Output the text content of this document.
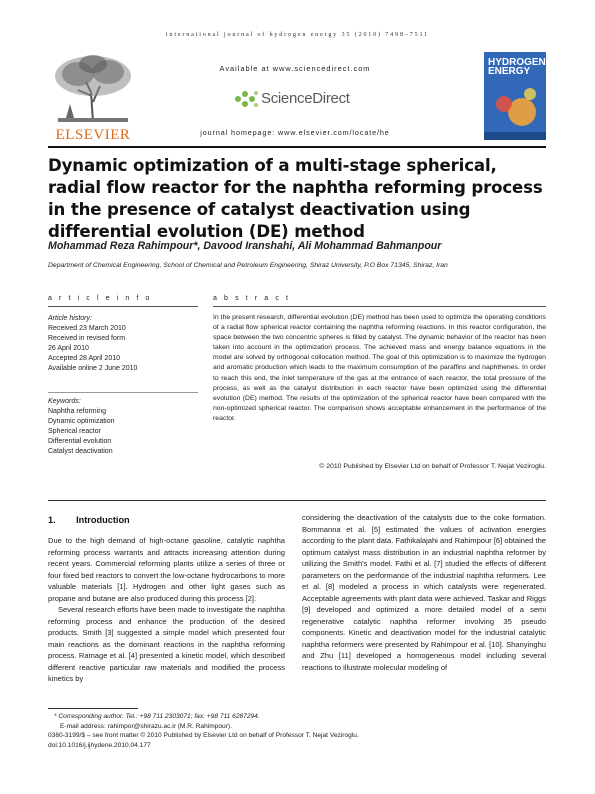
international journal of hydrogen energy 35 (2010) 7498–7511
ELSEVIER
Available at www.sciencedirect.com
ScienceDirect
journal homepage: www.elsevier.com/locate/he
HYDROGEN ENERGY
Dynamic optimization of a multi-stage spherical, radial flow reactor for the naphtha reforming process in the presence of catalyst deactivation using differential evolution (DE) method
Mohammad Reza Rahimpour*, Davood Iranshahi, Ali Mohammad Bahmanpour
Department of Chemical Engineering, School of Chemical and Petroleum Engineering, Shiraz University, P.O Box 71345, Shiraz, Iran
a r t i c l e i n f o
Article history:
Received 23 March 2010
Received in revised form
26 April 2010
Accepted 28 April 2010
Available online 2 June 2010
Keywords:
Naphtha reforming
Dynamic optimization
Spherical reactor
Differential evolution
Catalyst deactivation
a b s t r a c t
In the present research, differential evolution (DE) method has been used to optimize the operating conditions of a radial flow spherical reactor containing the naphtha reforming reactions. In this reactor configuration, the space between the two concentric spheres is filled by catalyst. The dynamic behavior of the reactor has been taken into account in the optimization process. The achieved mass and energy balance equations in the model are solved by orthogonal collocation method. The goal of this optimization is to maximize the hydrogen and aromatic production which leads to the maximum consumption of the paraffins and naphthenes. In order to reach this end, the inlet temperature of the gas at the entrance of each reactor, the total pressure of the process, as well as the catalyst distribution in each reactor have been optimized using the differential evolution (DE) method. The results of the optimization of the spherical reactor have been compared with the non-optimized spherical reactor. The comparison shows acceptable enhancement in the performance of the reactor.
© 2010 Published by Elsevier Ltd on behalf of Professor T. Nejat Veziroglu.
1.        Introduction

Due to the high demand of high-octane gasoline, catalytic naphtha reforming process warrants and attracts increasing attention during recent years. Commercial reforming plants utilize a series of three or four fixed bed reactors to convert the low-octane hydrocarbons to more valuable materials [1]. Hydrogen and other light gases such as propane and butane are also produced during this process [2].

Several research efforts have been made to investigate the naphtha reforming process and enhance the production of the desired products. Smith [3] suggested a simple model which presented four main reactions as the dominant reactions in the naphtha reforming process. Ramage et al. [4] presented a kinetic model, which described different reactive particular raw materials and modified the process kinetics by

considering the deactivation of the catalysts due to the coke formation. Bommanna et al. [5] estimated the values of activation energies according to the plant data. Fathikalajahi and Rahimpour [6] obtained the optimum catalyst mass distribution in an industrial naphtha reformer by utilizing the Smith's model. Fathi et al. [7] studied the effects of different parameters on the performance of the industrial naphtha reformers. Lee et al. [8] modeled a process in which catalysts were regenerated. Acceptable agreements with plant data were achieved. Taskar and Riggs [9] developed and optimized a more detailed model of a semi regenerative catalytic naphtha reformer involving 35 pseudo components. Kinetic and deactivation model for the industrial catalytic naphtha reformers were presented by Rahimpour et al. [10]. Shanyinghu and Zhu [11] developed a homogeneous model including several reactions to illustrate molecular modeling of

* Corresponding author. Tel.: +98 711 2303071; fax: +98 711 6287294.
E-mail address: rahimpor@shirazu.ac.ir (M.R. Rahimpour).
0360-3199/$ – see front matter © 2010 Published by Elsevier Ltd on behalf of Professor T. Nejat Veziroglu.
doi:10.1016/j.ijhydene.2010.04.177
